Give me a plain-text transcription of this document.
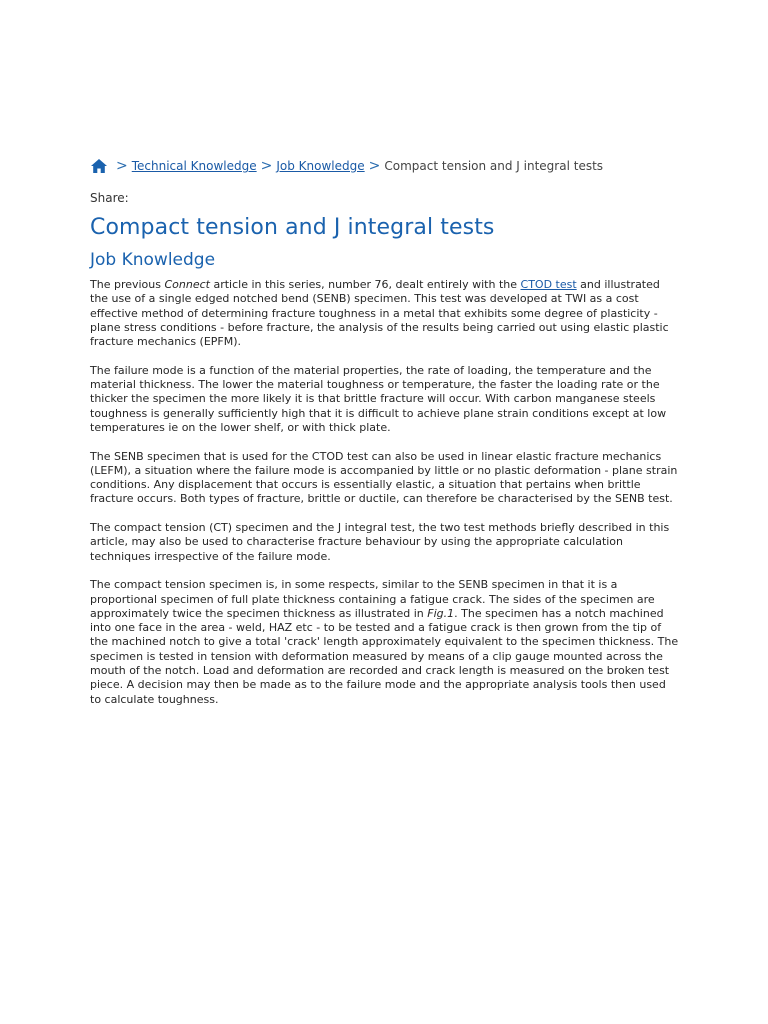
> Technical Knowledge > Job Knowledge > Compact tension and J integral tests
Share:
Compact tension and J integral tests
Job Knowledge

The previous Connect article in this series, number 76, dealt entirely with the CTOD test and illustrated the use of a single edged notched bend (SENB) specimen. This test was developed at TWI as a cost effective method of determining fracture toughness in a metal that exhibits some degree of plasticity - plane stress conditions - before fracture, the analysis of the results being carried out using elastic plastic fracture mechanics (EPFM).

The failure mode is a function of the material properties, the rate of loading, the temperature and the material thickness. The lower the material toughness or temperature, the faster the loading rate or the thicker the specimen the more likely it is that brittle fracture will occur. With carbon manganese steels toughness is generally sufficiently high that it is difficult to achieve plane strain conditions except at low temperatures ie on the lower shelf, or with thick plate.

The SENB specimen that is used for the CTOD test can also be used in linear elastic fracture mechanics (LEFM), a situation where the failure mode is accompanied by little or no plastic deformation - plane strain conditions. Any displacement that occurs is essentially elastic, a situation that pertains when brittle fracture occurs. Both types of fracture, brittle or ductile, can therefore be characterised by the SENB test.

The compact tension (CT) specimen and the J integral test, the two test methods briefly described in this article, may also be used to characterise fracture behaviour by using the appropriate calculation techniques irrespective of the failure mode.

The compact tension specimen is, in some respects, similar to the SENB specimen in that it is a proportional specimen of full plate thickness containing a fatigue crack. The sides of the specimen are approximately twice the specimen thickness as illustrated in Fig.1. The specimen has a notch machined into one face in the area - weld, HAZ etc - to be tested and a fatigue crack is then grown from the tip of the machined notch to give a total 'crack' length approximately equivalent to the specimen thickness. The specimen is tested in tension with deformation measured by means of a clip gauge mounted across the mouth of the notch. Load and deformation are recorded and crack length is measured on the broken test piece. A decision may then be made as to the failure mode and the appropriate analysis tools then used to calculate toughness.
